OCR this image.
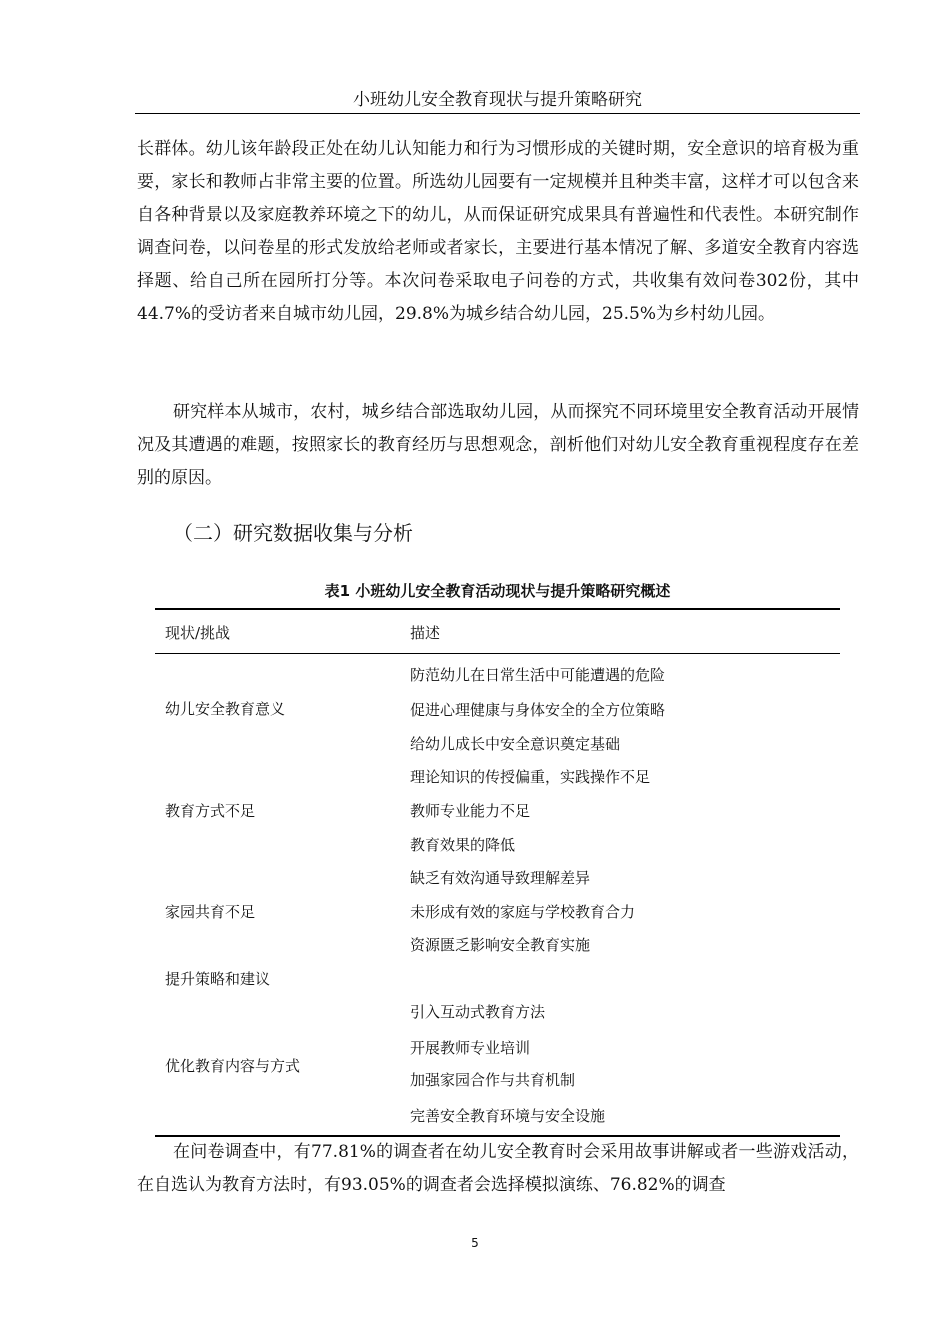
小班幼儿安全教育现状与提升策略研究

长群体。幼儿该年龄段正处在幼儿认知能力和行为习惯形成的关键时期，安全意识的培育极为重要，家长和教师占非常主要的位置。所选幼儿园要有一定规模并且种类丰富，这样才可以包含来自各种背景以及家庭教养环境之下的幼儿，从而保证研究成果具有普遍性和代表性。本研究制作调查问卷，以问卷星的形式发放给老师或者家长，主要进行基本情况了解、多道安全教育内容选择题、给自己所在园所打分等。本次问卷采取电子问卷的方式，共收集有效问卷302份，其中44.7%的受访者来自城市幼儿园，29.8%为城乡结合幼儿园，25.5%为乡村幼儿园。

研究样本从城市，农村，城乡结合部选取幼儿园，从而探究不同环境里安全教育活动开展情况及其遭遇的难题，按照家长的教育经历与思想观念，剖析他们对幼儿安全教育重视程度存在差别的原因。

（二）研究数据收集与分析
表1 小班幼儿安全教育活动现状与提升策略研究概述
现状/挑战	描述
幼儿安全教育意义
教育方式不足
家园共育不足
提升策略和建议
优化教育内容与方式
防范幼儿在日常生活中可能遭遇的危险
促进心理健康与身体安全的全方位策略
给幼儿成长中安全意识奠定基础
理论知识的传授偏重，实践操作不足
教师专业能力不足
教育效果的降低
缺乏有效沟通导致理解差异
未形成有效的家庭与学校教育合力
资源匮乏影响安全教育实施
引入互动式教育方法
开展教师专业培训
加强家园合作与共育机制
完善安全教育环境与安全设施

在问卷调查中，有77.81%的调查者在幼儿安全教育时会采用故事讲解或者一些游戏活动，在自选认为教育方法时，有93.05%的调查者会选择模拟演练、76.82%的调查

5
